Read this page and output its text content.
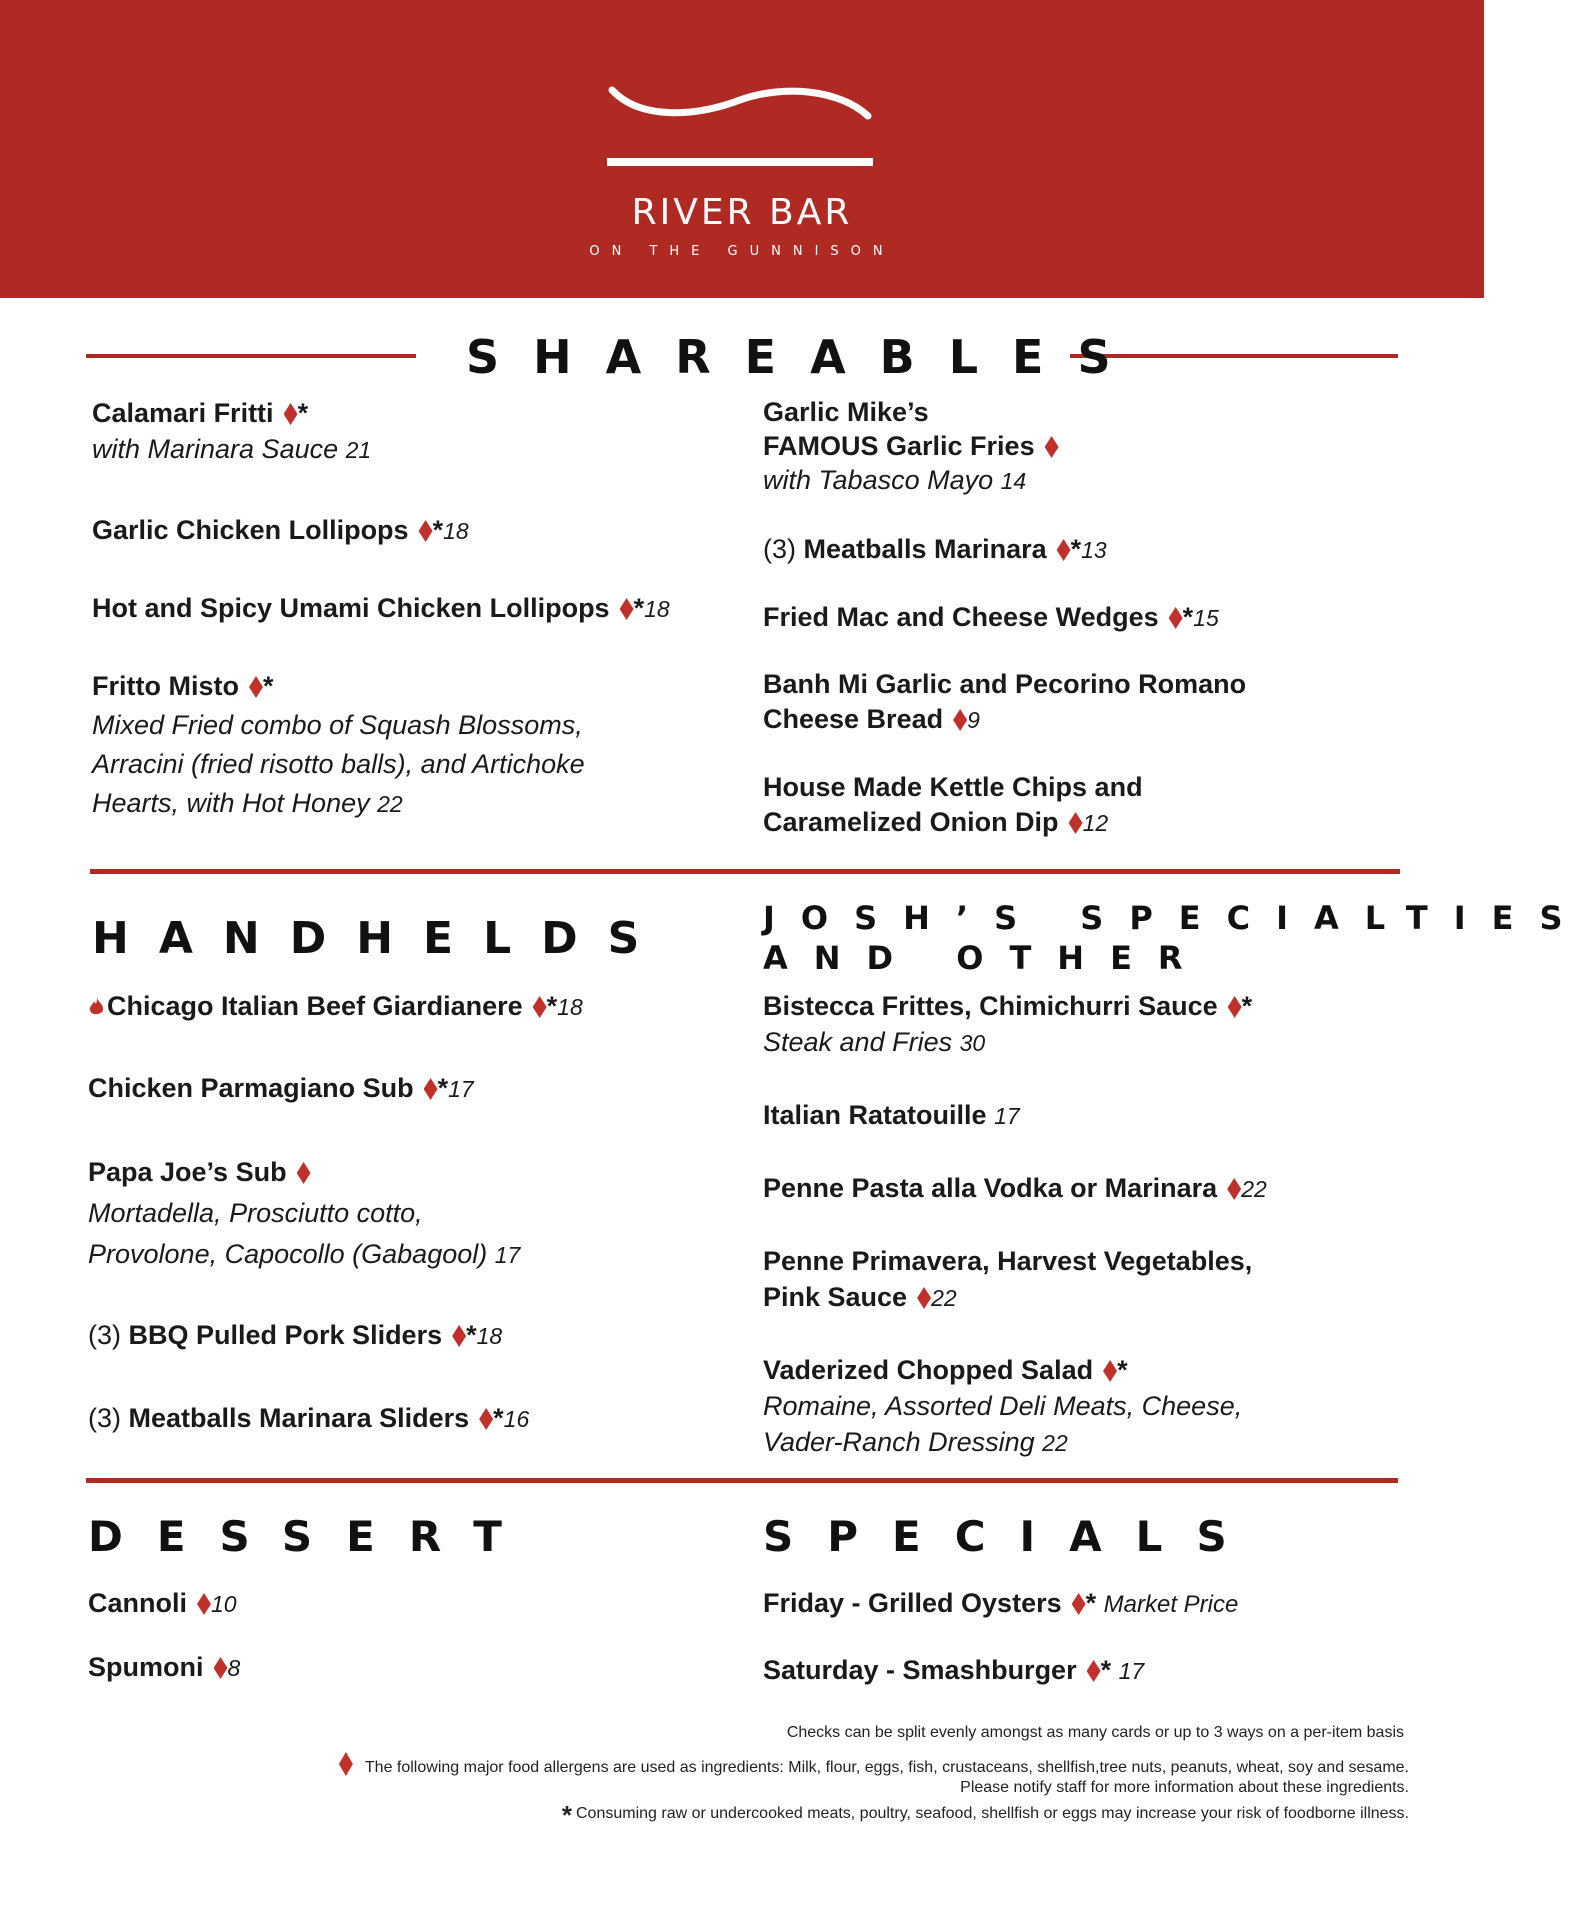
RIVER BAR
ON THE GUNNISON
SHAREABLES
Calamari Fritti *
with Marinara Sauce 21
Garlic Chicken Lollipops *18
Hot and Spicy Umami Chicken Lollipops *18
Fritto Misto *
Mixed Fried combo of Squash Blossoms,
Arracini (fried risotto balls), and Artichoke
Hearts, with Hot Honey 22
Garlic Mike’s
FAMOUS Garlic Fries
with Tabasco Mayo 14
(3) Meatballs Marinara *13
Fried Mac and Cheese Wedges *15
Banh Mi Garlic and Pecorino Romano
Cheese Bread 9
House Made Kettle Chips and
Caramelized Onion Dip 12
HANDHELDS
Chicago Italian Beef Giardianere *18
Chicken Parmagiano Sub *17
Papa Joe’s Sub
Mortadella, Prosciutto cotto,
Provolone, Capocollo (Gabagool) 17
(3) BBQ Pulled Pork Sliders *18
(3) Meatballs Marinara Sliders *16
JOSH’S SPECIALTIES
AND OTHER
Bistecca Frittes, Chimichurri Sauce *
Steak and Fries 30
Italian Ratatouille 17
Penne Pasta alla Vodka or Marinara 22
Penne Primavera, Harvest Vegetables,
Pink Sauce 22
Vaderized Chopped Salad *
Romaine, Assorted Deli Meats, Cheese,
Vader-Ranch Dressing 22
DESSERT
Cannoli 10
Spumoni 8
SPECIALS
Friday - Grilled Oysters * Market Price
Saturday - Smashburger * 17
Checks can be split evenly amongst as many cards or up to 3 ways on a per-item basis
The following major food allergens are used as ingredients: Milk, flour, eggs, fish, crustaceans, shellfish,tree nuts, peanuts, wheat, soy and sesame.
Please notify staff for more information about these ingredients.
* Consuming raw or undercooked meats, poultry, seafood, shellfish or eggs may increase your risk of foodborne illness.
